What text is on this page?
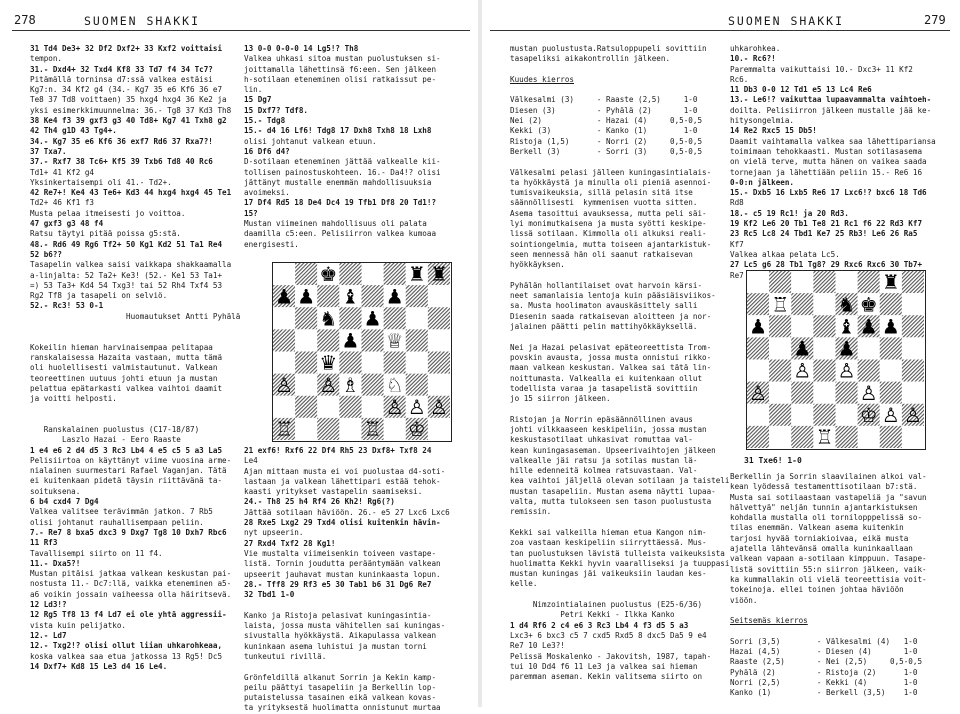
278	SUOMEN SHAKKI
31 Td4 De3+ 32 Df2 Dxf2+ 33 Kxf2 voittaisi
tempon.
31.- Dxd4+ 32 Txd4 Kf8 33 Td7 f4 34 Tc7?
Pitämällä torninsa d7:ssä valkea estäisi
Kg7:n. 34 Kf2 g4 (34.- Kg7 35 e6 Kf6 36 e7
Te8 37 Td8 voittaen) 35 hxg4 hxg4 36 Ke2 ja
yksi esimerkkimuunnelma: 36.- Tg8 37 Kd3 Th8
38 Ke4 f3 39 gxf3 g3 40 Td8+ Kg7 41 Txh8 g2
42 Th4 g1D 43 Tg4+.
34.- Kg7 35 e6 Kf6 36 exf7 Rd6 37 Rxa7?!
37 Txa7.
37.- Rxf7 38 Tc6+ Kf5 39 Txb6 Td8 40 Rc6
Td1+ 41 Kf2 g4
Yksinkertaisempi oli 41.- Td2+.
42 Re7+! Ke4 43 Te6+ Kd3 44 hxg4 hxg4 45 Te1
Td2+ 46 Kf1 f3
Musta pelaa itmeisesti jo voittoa.
47 gxf3 g3 48 f4
Ratsu täytyi pitää poissa g5:stä.
48.- Rd6 49 Rg6 Tf2+ 50 Kg1 Kd2 51 Ta1 Re4
52 b6??
Tasapelin valkea saisi vaikkapa shakkaamalla
a-linjalta: 52 Ta2+ Ke3! (52.- Ke1 53 Ta1+
=) 53 Ta3+ Kd4 54 Txg3! tai 52 Rh4 Txf4 53
Rg2 Tf8 ja tasapeli on selviö.
52.- Rc3! 53 0-1
Huomautukset Antti Pyhälä
Kokeilin hieman harvinaisempaa pelitapaa
ranskalaisessa Hazaita vastaan, mutta tämä
oli huolellisesti valmistautunut. Valkean
teoreettinen uutuus johti etuun ja mustan
pelattua epätarkasti valkea vaihtoi daamit
ja voitti helposti.
Ranskalainen puolustus (C17-18/87)
Laszlo Hazai - Eero Raaste
1 e4 e6 2 d4 d5 3 Rc3 Lb4 4 e5 c5 5 a3 La5
Pelisiirtoa on käyttänyt viime vuosina arme-
nialainen suurmestari Rafael Vaganjan. Tätä
ei kuitenkaan pidetä täysin riittävänä ta-
soituksena.
6 b4 cxd4 7 Dg4
Valkea valitsee terävimmän jatkon. 7 Rb5
olisi johtanut rauhallisempaan peliin.
7.- Re7 8 bxa5 dxc3 9 Dxg7 Tg8 10 Dxh7 Rbc6
11 Rf3
Tavallisempi siirto on 11 f4.
11.- Dxa5?!
Mustan pitäisi jatkaa valkean keskustan pai-
nostusta 11.- Dc7:llä, vaikka eteneminen a5-
a6 voikin jossain vaiheessa olla häiritsevä.
12 Ld3!?
12 Rg5 Tf8 13 f4 Ld7 ei ole yhtä aggressii-
vista kuin pelijatko.
12.- Ld7
12.- Txg2!? olisi ollut liian uhkarohkeaa,
koska valkea saa etua jatkossa 13 Rg5! Dc5
14 Dxf7+ Kd8 15 Le3 d4 16 Le4.
13 0-0 0-0-0 14 Lg5!? Th8
Valkea uhkasi sitoa mustan puolustuksen si-
joittamalla lähettinsä f6:een. Sen jälkeen
h-sotilaan eteneminen olisi ratkaissut pe-
lin.
15 Dg7
15 Dxf7? Tdf8.
15.- Tdg8
15.- d4 16 Lf6! Tdg8 17 Dxh8 Txh8 18 Lxh8
olisi johtanut valkean etuun.
16 Df6 d4?
D-sotilaan eteneminen jättää valkealle kii-
tollisen painostuskohteen. 16.- Da4!? olisi
jättänyt mustalle enemmän mahdollisuuksia
avoimeksi.
17 Df4 Rd5 18 De4 Dc4 19 Tfb1 Df8 20 Td1!?
15?
Mustan viimeinen mahdollisuus oli palata
daamilla c5:een. Pelisiirron valkea kumoaa
energisesti.
21 exf6! Rxf6 22 Df4 Rh5 23 Dxf8+ Txf8 24
Le4
Ajan mittaan musta ei voi puolustaa d4-soti-
lastaan ja valkean lähettipari estää tehok-
kaasti yritykset vastapelin saamiseksi.
24.- Th8 25 h4 Rf4 26 Kh2! Rg6(?)
Jättää sotilaan häviöön. 26.- e5 27 Lxc6 Lxc6
28 Rxe5 Lxg2 29 Txd4 olisi kuitenkin hävin-
nyt upseerin.
27 Rxd4 Txf2 28 Kg1!
Vie mustalta viimeisenkin toiveen vastape-
listä. Tornin joudutta perääntymään valkean
upseerit jauhavat mustan kuninkaasta lopun.
28.- Tff8 29 Rf3 e5 30 Tab1 b6 31 Dg6 Re7
32 Tbd1 1-0
Kanko ja Ristoja pelasivat kuningasintia-
laista, jossa musta vähitellen sai kuningas-
sivustalla hyökkäystä. Aikapulassa valkean
kuninkaan asema luhistui ja mustan torni
tunkeutui rivillä.
Grönfeldillä alkanut Sorrin ja Kekin kamp-
peilu päättyi tasapeliin ja Berkellin lop-
putaistelussa tasainen eikä valkean kovas-
ta yrityksestä huolimatta onnistunut murtaa
SUOMEN SHAKKI	279
mustan puolustusta.Ratsuloppupeli sovittiin
tasapeliksi aikakontrollin jälkeen.
Kuudes kierros
Välkesalmi (3)     - Raaste (2,5)     1-0
Diesen (3)         - Pyhälä (2)       1-0
Nei (2)            - Hazai (4)     0,5-0,5
Kekki (3)          - Kanko (1)        1-0
Ristoja (1,5)      - Norri (2)     0,5-0,5
Berkell (3)        - Sorri (3)     0,5-0,5
Välkesalmi pelasi jälleen kuningasintialais-
ta hyökkäystä ja minulla oli pieniä asennoi-
tumisvaikeuksia, sillä pelasin sitä itse
säännöllisesti  kymmenisen vuotta sitten.
Asema tasoittui avauksessa, mutta peli säi-
lyi monimutkaisena ja musta syötti keskipe-
lissä sotilaan. Kimmolla oli alkuksi reali-
sointiongelmia, mutta toiseen ajantarkistuk-
seen mennessä hän oli saanut ratkaisevan
hyökkäyksen.
Pyhälän hollantilaiset ovat harvoin kärsi-
neet samanlaisia lentoja kuin pääsiäisviikos-
sa. Musta hoolimaton avauskäsittely salli
Diesenin saada ratkaisevan aloitteen ja nor-
jalainen päätti pelin mattihyökkäyksellä.
Nei ja Hazai pelasivat epäteoreettista Trom-
povskin avausta, jossa musta onnistui rikko-
maan valkean keskustan. Valkea sai tätä lin-
noittumasta. Valkealla ei kuitenkaan ollut
todellista varaa ja tasapelistä sovittiin
jo 15 siirron jälkeen.
Ristojan ja Norrin epäsäännöllinen avaus
johti vilkkaaseen keskipeliin, jossa mustan
keskustasotilaat uhkasivat romuttaa val-
kean kuningasaseman. Upseerivaihtojen jälkeen
valkealle jäi ratsu ja sotilas mustan lä-
hille edenneitä kolmea ratsuvastaan. Val-
kea vaihtoi jäljellä olevan sotilaan ja taisteli
mustan tasapeliin. Mustan asema näytti lupaa-
valta, mutta tulokseen sen tason puolustusta
remissin.
Kekki sai valkeilla hieman etua Kangon nim-
zoa vastaan keskipeliin siirryttäessä. Mus-
tan puolustuksen lävistä tulleista vaikeuksista
huolimatta Kekki hyvin vaaralliseksi ja tuuppasi
mustan kuningas jäi vaikeuksiin laudan kes-
kelle.
Nimzointialainen puolustus (E25-6/36)
Petri Kekki - Ilkka Kanko
1 d4 Rf6 2 c4 e6 3 Rc3 Lb4 4 f3 d5 5 a3
Lxc3+ 6 bxc3 c5 7 cxd5 Rxd5 8 dxc5 Da5 9 e4
Re7 10 Le3?!
Pelissä Moskalenko - Jakovitsh, 1987, tapah-
tui 10 Dd4 f6 11 Le3 ja valkea sai hieman
paremman aseman. Kekin valitsema siirto on
uhkarohkea.
10.- Rc6?!
Paremmalta vaikuttaisi 10.- Dxc3+ 11 Kf2
Rc6.
11 Db3 0-0 12 Td1 e5 13 Lc4 Re6
13.- Le6!? vaikuttaa lupaavammalta vaihtoeh-
doilta. Pelisiirron jälkeen mustalle jää ke-
hitysongelmia.
14 Re2 Rxc5 15 Db5!
Daamit vaihtamalla valkea saa lähettipariansa
toimimaan tehokkaasti. Mustan sotilasasema
on vielä terve, mutta hänen on vaikea saada
tornejaan ja lähettiään peliin 15.- Re6 16
0-0:n jälkeen.
15.- Dxb5 16 Lxb5 Re6 17 Lxc6!? bxc6 18 Td6
Rd8
18.- c5 19 Rc1! ja 20 Rd3.
19 Kf2 Le6 20 Tb1 Te8 21 Rc1 f6 22 Rd3 Kf7
23 Rc5 Lc8 24 Tbd1 Ke7 25 Rb3! Le6 26 Ra5
Kf7
Valkea alkaa pelata Lc5.
27 Lc5 g6 28 Tb1 Tg8? 29 Rxc6 Rxc6 30 Tb7+
Re7
31 Txe6! 1-0
Berkellin ja Sorrin slaavilainen alkoi val-
kean lyödessä testamenttisotilaan b7:stä.
Musta sai sotilaastaan vastapeliä ja "savun
hälvettyä" neljän tunnin ajantarkistuksen
kohdalla mustalla oli tornilopppelissä so-
tilas enemmän. Valkean asema kuitenkin
tarjosi hyvää torniakioivaa, eikä musta
ajatella lähtevänsä omalla kuninkaallaan
valkean vapaan a-sotilaan kimppuun. Tasape-
listä sovittiin 55:n siirron jälkeen, vaik-
ka kummallakin oli vielä teoreettisia voit-
tokeinoja. ellei toinen johtaa häviöön
viöön.
Seitsemäs kierros
Sorri (3,5)        - Välkesalmi (4)   1-0
Hazai (4,5)        - Diesen (4)       1-0
Raaste (2,5)       - Nei (2,5)     0,5-0,5
Pyhälä (2)         - Ristoja (2)      1-0
Norri (2,5)        - Kekki (4)        1-0
Kanko (1)          - Berkell (3,5)    1-0
